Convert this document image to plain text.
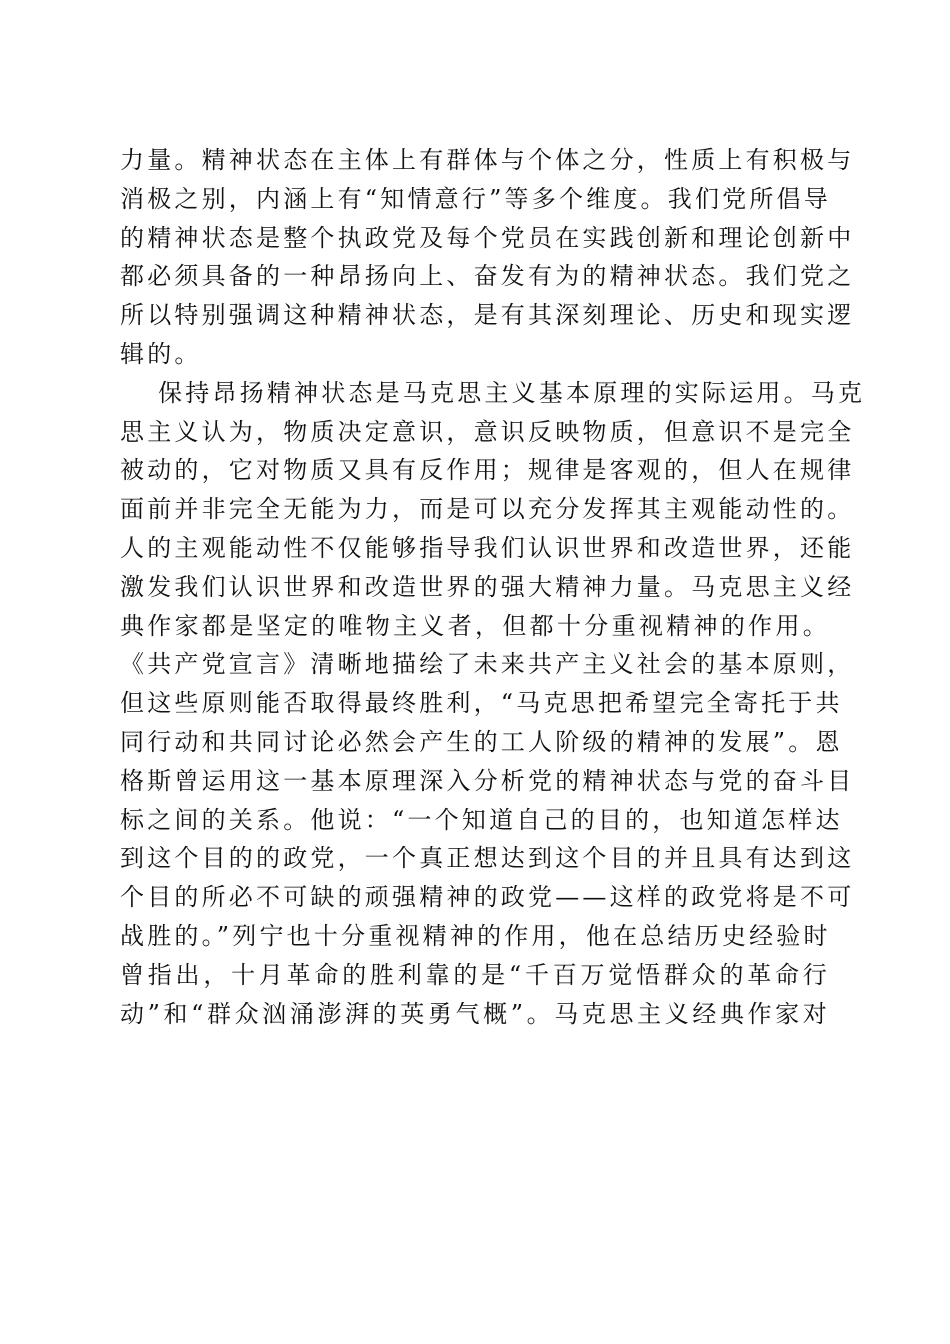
力量。精神状态在主体上有群体与个体之分，性质上有积极与
消极之别，内涵上有“知情意行”等多个维度。我们党所倡导
的精神状态是整个执政党及每个党员在实践创新和理论创新中
都必须具备的一种昂扬向上、奋发有为的精神状态。我们党之
所以特别强调这种精神状态，是有其深刻理论、历史和现实逻
辑的。
保持昂扬精神状态是马克思主义基本原理的实际运用。马克
思主义认为，物质决定意识，意识反映物质，但意识不是完全
被动的，它对物质又具有反作用；规律是客观的，但人在规律
面前并非完全无能为力，而是可以充分发挥其主观能动性的。
人的主观能动性不仅能够指导我们认识世界和改造世界，还能
激发我们认识世界和改造世界的强大精神力量。马克思主义经
典作家都是坚定的唯物主义者，但都十分重视精神的作用。
《共产党宣言》清晰地描绘了未来共产主义社会的基本原则，
但这些原则能否取得最终胜利，“马克思把希望完全寄托于共
同行动和共同讨论必然会产生的工人阶级的精神的发展”。恩
格斯曾运用这一基本原理深入分析党的精神状态与党的奋斗目
标之间的关系。他说：“一个知道自己的目的，也知道怎样达
到这个目的的政党，一个真正想达到这个目的并且具有达到这
个目的所必不可缺的顽强精神的政党——这样的政党将是不可
战胜的。”列宁也十分重视精神的作用，他在总结历史经验时
曾指出，十月革命的胜利靠的是“千百万觉悟群众的革命行
动”和“群众汹涌澎湃的英勇气概”。马克思主义经典作家对
